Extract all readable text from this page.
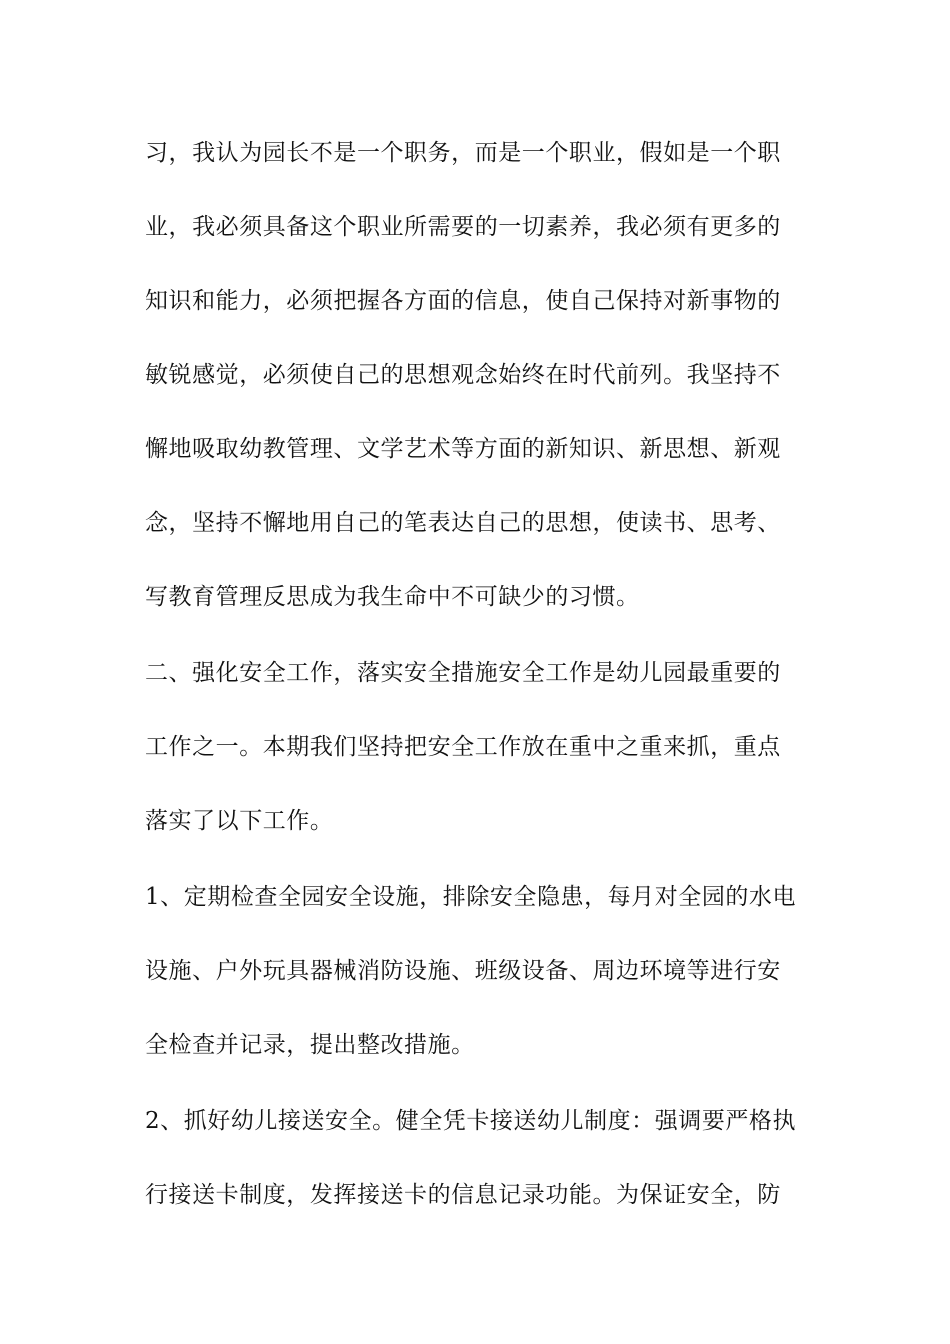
习，我认为园长不是一个职务，而是一个职业，假如是一个职
业，我必须具备这个职业所需要的一切素养，我必须有更多的
知识和能力，必须把握各方面的信息，使自己保持对新事物的
敏锐感觉，必须使自己的思想观念始终在时代前列。我坚持不
懈地吸取幼教管理、文学艺术等方面的新知识、新思想、新观
念，坚持不懈地用自己的笔表达自己的思想，使读书、思考、
写教育管理反思成为我生命中不可缺少的习惯。
二、强化安全工作，落实安全措施安全工作是幼儿园最重要的
工作之一。本期我们坚持把安全工作放在重中之重来抓，重点
落实了以下工作。
1、定期检查全园安全设施，排除安全隐患，每月对全园的水电
设施、户外玩具器械消防设施、班级设备、周边环境等进行安
全检查并记录，提出整改措施。
2、抓好幼儿接送安全。健全凭卡接送幼儿制度：强调要严格执
行接送卡制度，发挥接送卡的信息记录功能。为保证安全，防
